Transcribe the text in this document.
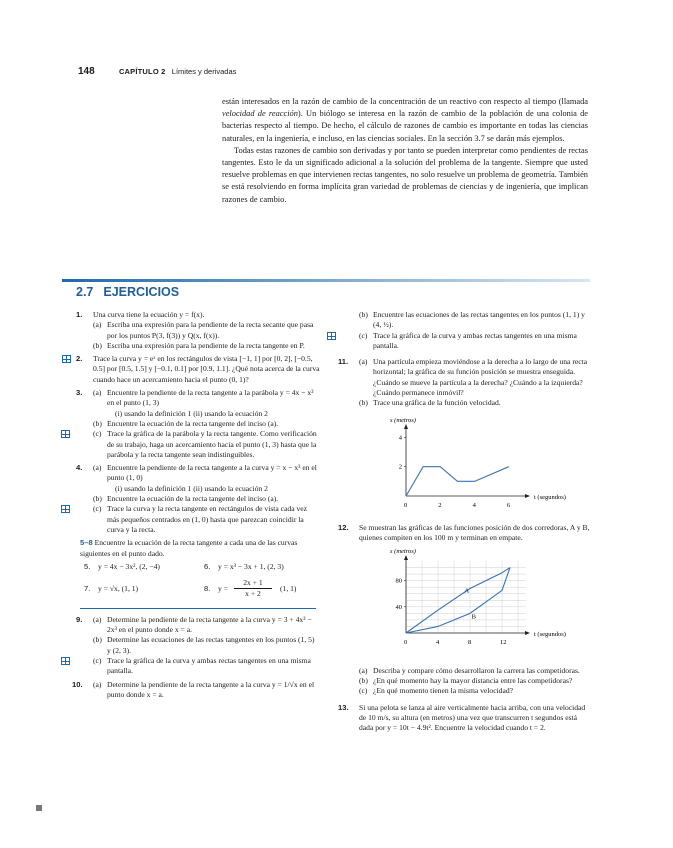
148	CAPÍTULO 2 Límites y derivadas

están interesados en la razón de cambio de la concentración de un reactivo con respecto al tiempo (llamada velocidad de reacción). Un biólogo se interesa en la razón de cambio de la población de una colonia de bacterias respecto al tiempo. De hecho, el cálculo de razones de cambio es importante en todas las ciencias naturales, en la ingeniería, e incluso, en las ciencias sociales. En la sección 3.7 se darán más ejemplos.

Todas estas razones de cambio son derivadas y por tanto se pueden interpretar como pendientes de rectas tangentes. Esto le da un significado adicional a la solución del problema de la tangente. Siempre que usted resuelve problemas en que intervienen rectas tangentes, no solo resuelve un problema de geometría. También se está resolviendo en forma implícita gran variedad de problemas de ciencias y de ingeniería, que implican razones de cambio.

2.7 EJERCICIOS
1. Una curva tiene la ecuación y = f(x).
(a) Escriba una expresión para la pendiente de la recta secante que pasa por los puntos P(3, f(3)) y Q(x, f(x)).
(b) Escriba una expresión para la pendiente de la recta tangente en P.
2. Trace la curva y = eˣ en los rectángulos de vista [−1, 1] por [0, 2], [−0.5, 0.5] por [0.5, 1.5] y [−0.1, 0.1] por [0.9, 1.1]. ¿Qué nota acerca de la curva cuando hace un acercamiento hacia el punto (0, 1)?
3. (a) Encuentre la pendiente de la recta tangente a la parábola y = 4x − x² en el punto (1, 3)
(i) usando la definición 1 (ii) usando la ecuación 2
(b) Encuentre la ecuación de la recta tangente del inciso (a).
(c) Trace la gráfica de la parábola y la recta tangente. Como verificación de su trabajo, haga un acercamiento hacia el punto (1, 3) hasta que la parábola y la recta tangente sean indistinguibles.
4. (a) Encuentre la pendiente de la recta tangente a la curva y = x − x³ en el punto (1, 0)
(i) usando la definición 1 (ii) usando la ecuación 2
(b) Encuentre la ecuación de la recta tangente del inciso (a).
(c) Trace la curva y la recta tangente en rectángulos de vista cada vez más pequeños centrados en (1, 0) hasta que parezcan coincidir la curva y la recta.
5–8 Encuentre la ecuación de la recta tangente a cada una de las curvas siguientes en el punto dado.
5. y = 4x − 3x², (2, −4)	6. y = x³ − 3x + 1, (2, 3)
7. y = √x, (1, 1)	8. y =
2x + 1
x + 2
(1, 1)
9. (a) Determine la pendiente de la recta tangente a la curva y = 3 + 4x² − 2x³ en el punto donde x = a.
(b) Determine las ecuaciones de las rectas tangentes en los puntos (1, 5) y (2, 3).
(c) Trace la gráfica de la curva y ambas rectas tangentes en una misma pantalla.
10. (a) Determine la pendiente de la recta tangente a la curva y = 1/√x en el punto donde x = a.
(b) Encuentre las ecuaciones de las rectas tangentes en los puntos (1, 1) y (4, ½).
(c) Trace la gráfica de la curva y ambas rectas tangentes en una misma pantalla.
11. (a) Una partícula empieza moviéndose a la derecha a lo largo de una recta horizontal; la gráfica de su función posición se muestra enseguida. ¿Cuándo se mueve la partícula a la derecha? ¿Cuándo a la izquierda? ¿Cuándo permanece inmóvil?
(b) Trace una gráfica de la función velocidad.
s (metros)
t (segundos)
0	2	4	6
2
4
12. Se muestran las gráficas de las funciones posición de dos corredoras, A y B, quienes compiten en los 100 m y terminan en empate.
s (metros)
t (segundos)
0	4	8	12
40
80
A
B
(a) Describa y compare cómo desarrollaron la carrera las competidoras.
(b) ¿En qué momento hay la mayor distancia entre las competidoras?
(c) ¿En qué momento tienen la misma velocidad?
13. Si una pelota se lanza al aire verticalmente hacia arriba, con una velocidad de 10 m/s, su altura (en metros) una vez que transcurren t segundos está dada por y = 10t − 4.9t². Encuentre la velocidad cuando t = 2.
